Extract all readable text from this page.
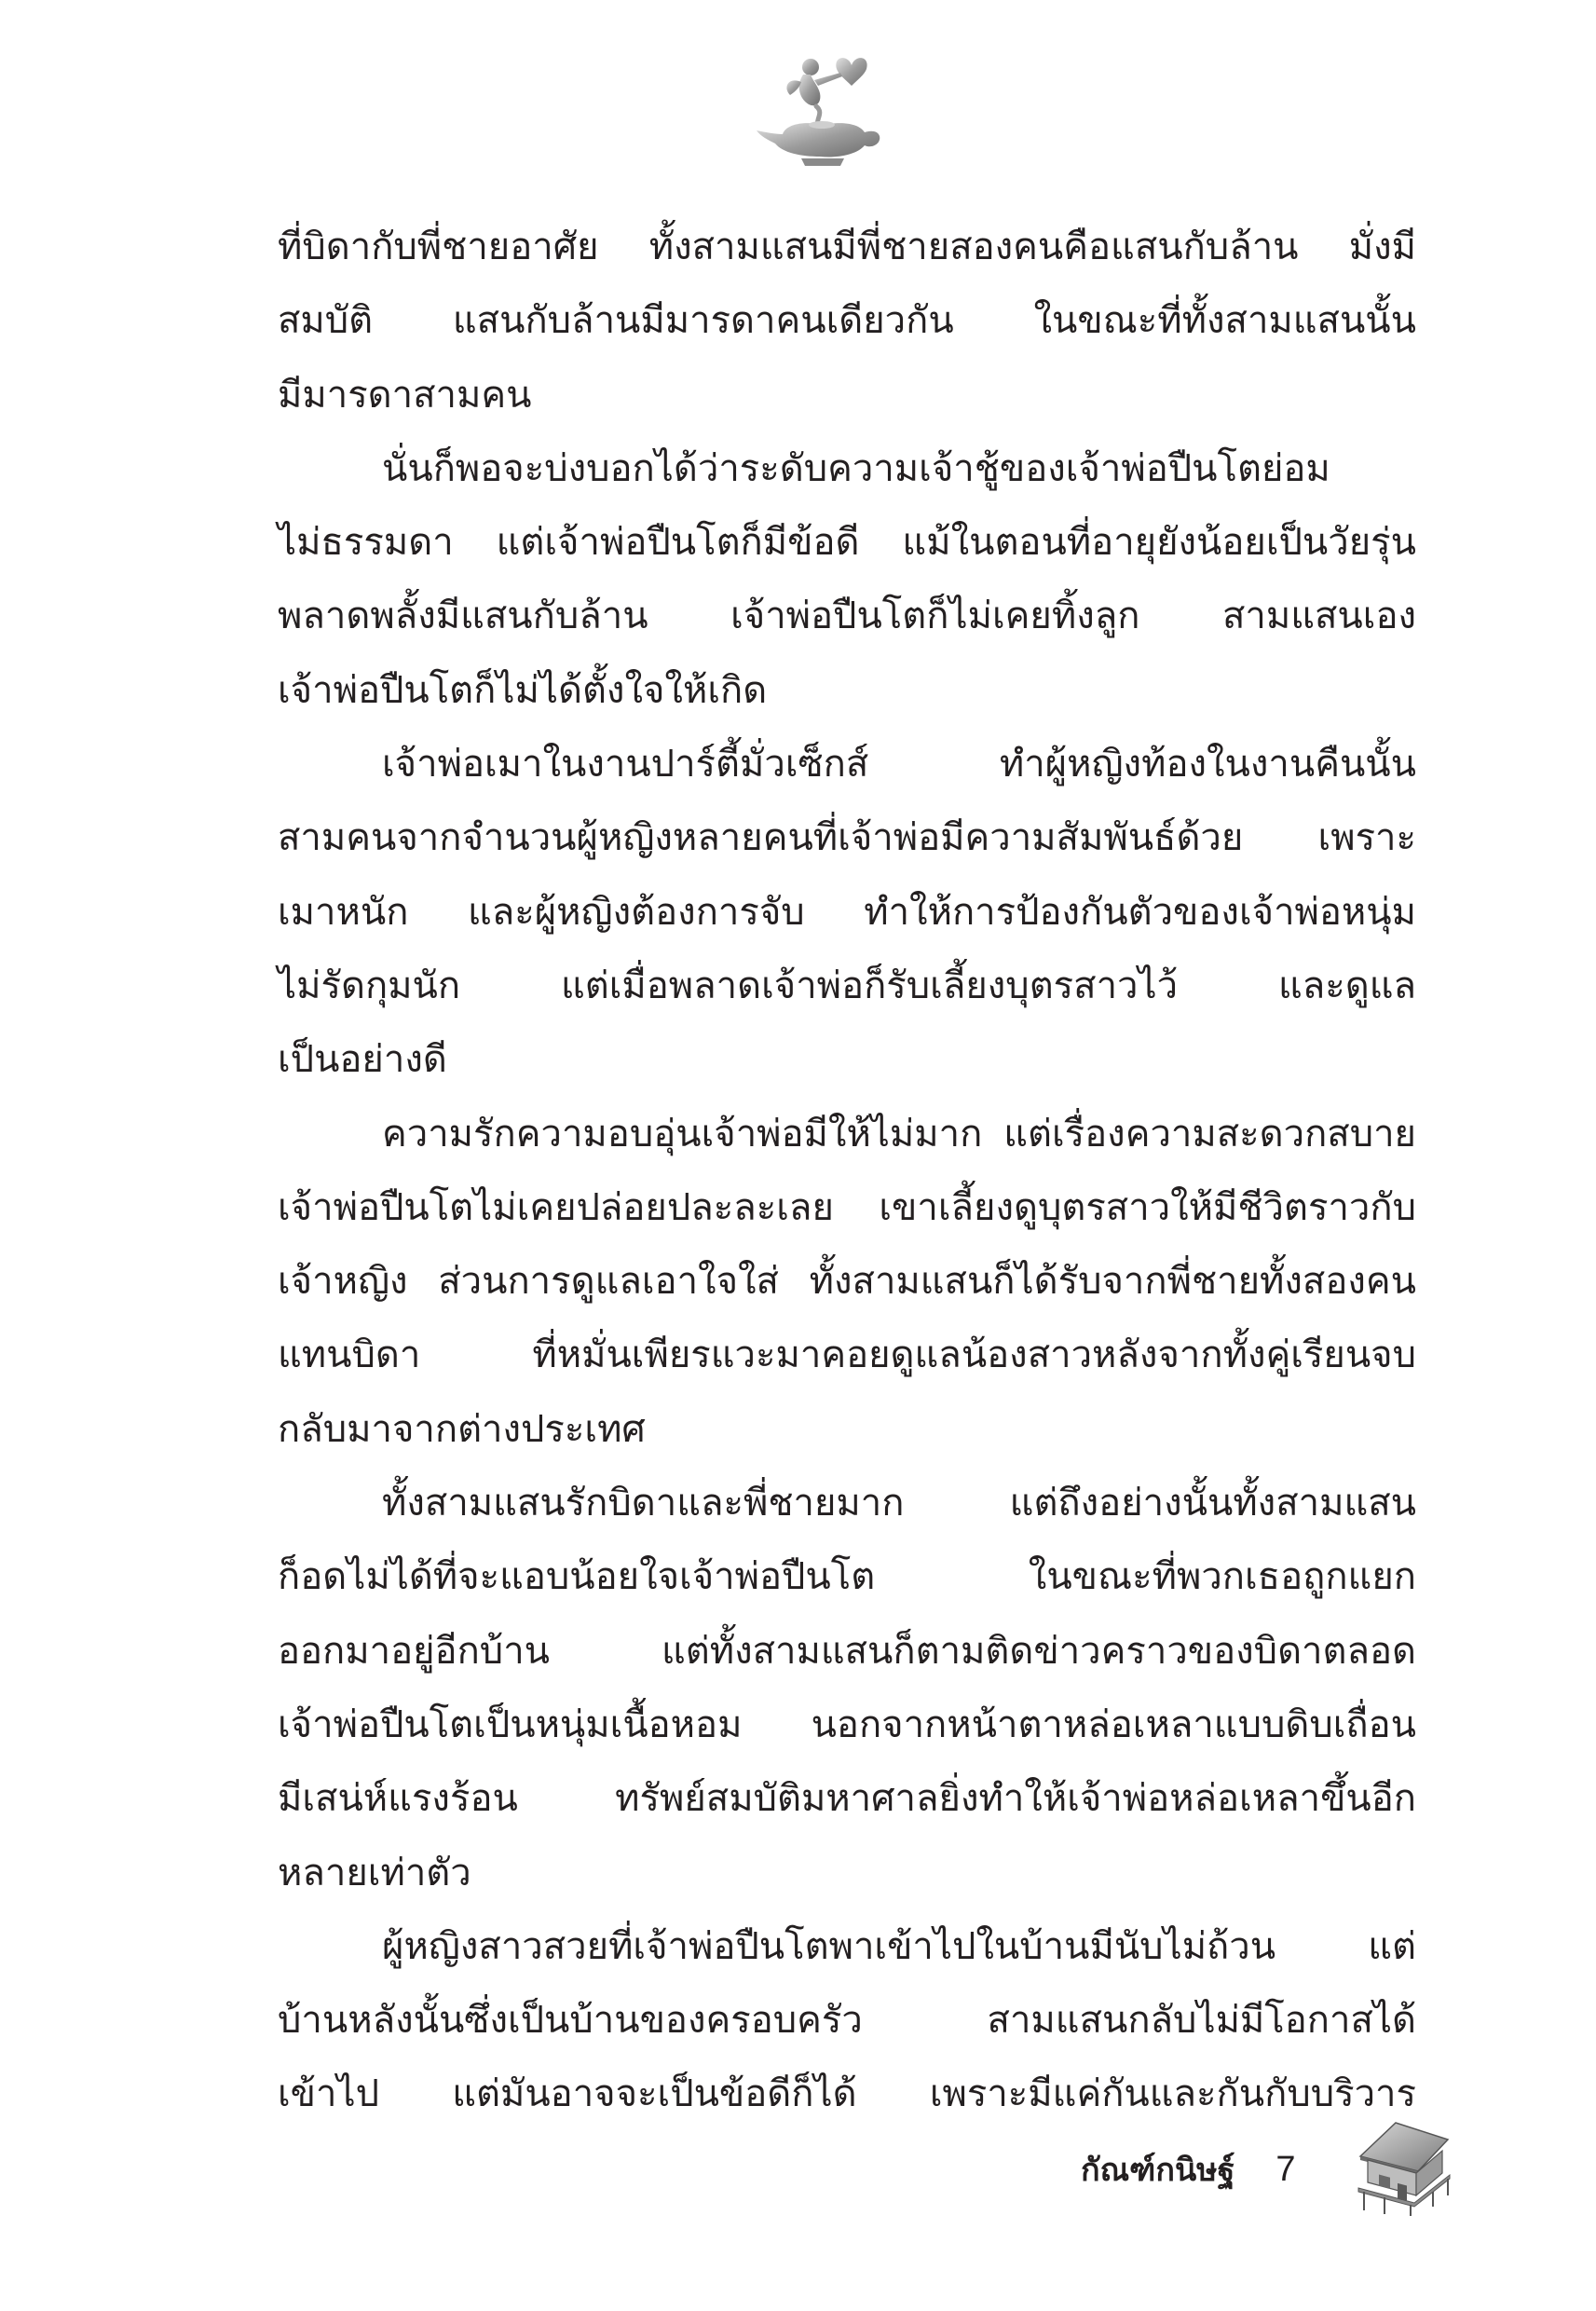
ที่บิดากับพี่ชายอาศัย ทั้งสามแสนมีพี่ชายสองคนคือแสนกับล้าน มั่งมี
สมบัติ แสนกับล้านมีมารดาคนเดียวกัน ในขณะที่ทั้งสามแสนนั้น
มีมารดาสามคน
นั่นก็พอจะบ่งบอกได้ว่าระดับความเจ้าชู้ของเจ้าพ่อปืนโตย่อม
ไม่ธรรมดา แต่เจ้าพ่อปืนโตก็มีข้อดี แม้ในตอนที่อายุยังน้อยเป็นวัยรุ่น
พลาดพลั้งมีแสนกับล้าน เจ้าพ่อปืนโตก็ไม่เคยทิ้งลูก สามแสนเอง
เจ้าพ่อปืนโตก็ไม่ได้ตั้งใจให้เกิด
เจ้าพ่อเมาในงานปาร์ตี้มั่วเซ็กส์ ทำผู้หญิงท้องในงานคืนนั้น
สามคนจากจำนวนผู้หญิงหลายคนที่เจ้าพ่อมีความสัมพันธ์ด้วย เพราะ
เมาหนัก และผู้หญิงต้องการจับ ทำให้การป้องกันตัวของเจ้าพ่อหนุ่ม
ไม่รัดกุมนัก แต่เมื่อพลาดเจ้าพ่อก็รับเลี้ยงบุตรสาวไว้ และดูแล
เป็นอย่างดี
ความรักความอบอุ่นเจ้าพ่อมีให้ไม่มาก แต่เรื่องความสะดวกสบาย
เจ้าพ่อปืนโตไม่เคยปล่อยปละละเลย เขาเลี้ยงดูบุตรสาวให้มีชีวิตราวกับ
เจ้าหญิง ส่วนการดูแลเอาใจใส่ ทั้งสามแสนก็ได้รับจากพี่ชายทั้งสองคน
แทนบิดา ที่หมั่นเพียรแวะมาคอยดูแลน้องสาวหลังจากทั้งคู่เรียนจบ
กลับมาจากต่างประเทศ
ทั้งสามแสนรักบิดาและพี่ชายมาก แต่ถึงอย่างนั้นทั้งสามแสน
ก็อดไม่ได้ที่จะแอบน้อยใจเจ้าพ่อปืนโต ในขณะที่พวกเธอถูกแยก
ออกมาอยู่อีกบ้าน แต่ทั้งสามแสนก็ตามติดข่าวคราวของบิดาตลอด
เจ้าพ่อปืนโตเป็นหนุ่มเนื้อหอม นอกจากหน้าตาหล่อเหลาแบบดิบเถื่อน
มีเสน่ห์แรงร้อน ทรัพย์สมบัติมหาศาลยิ่งทำให้เจ้าพ่อหล่อเหลาขึ้นอีก
หลายเท่าตัว
ผู้หญิงสาวสวยที่เจ้าพ่อปืนโตพาเข้าไปในบ้านมีนับไม่ถ้วน แต่
บ้านหลังนั้นซึ่งเป็นบ้านของครอบครัว สามแสนกลับไม่มีโอกาสได้
เข้าไป แต่มันอาจจะเป็นข้อดีก็ได้ เพราะมีแค่กันและกันกับบริวาร
กัณฑ์กนิษฐ์ 7
